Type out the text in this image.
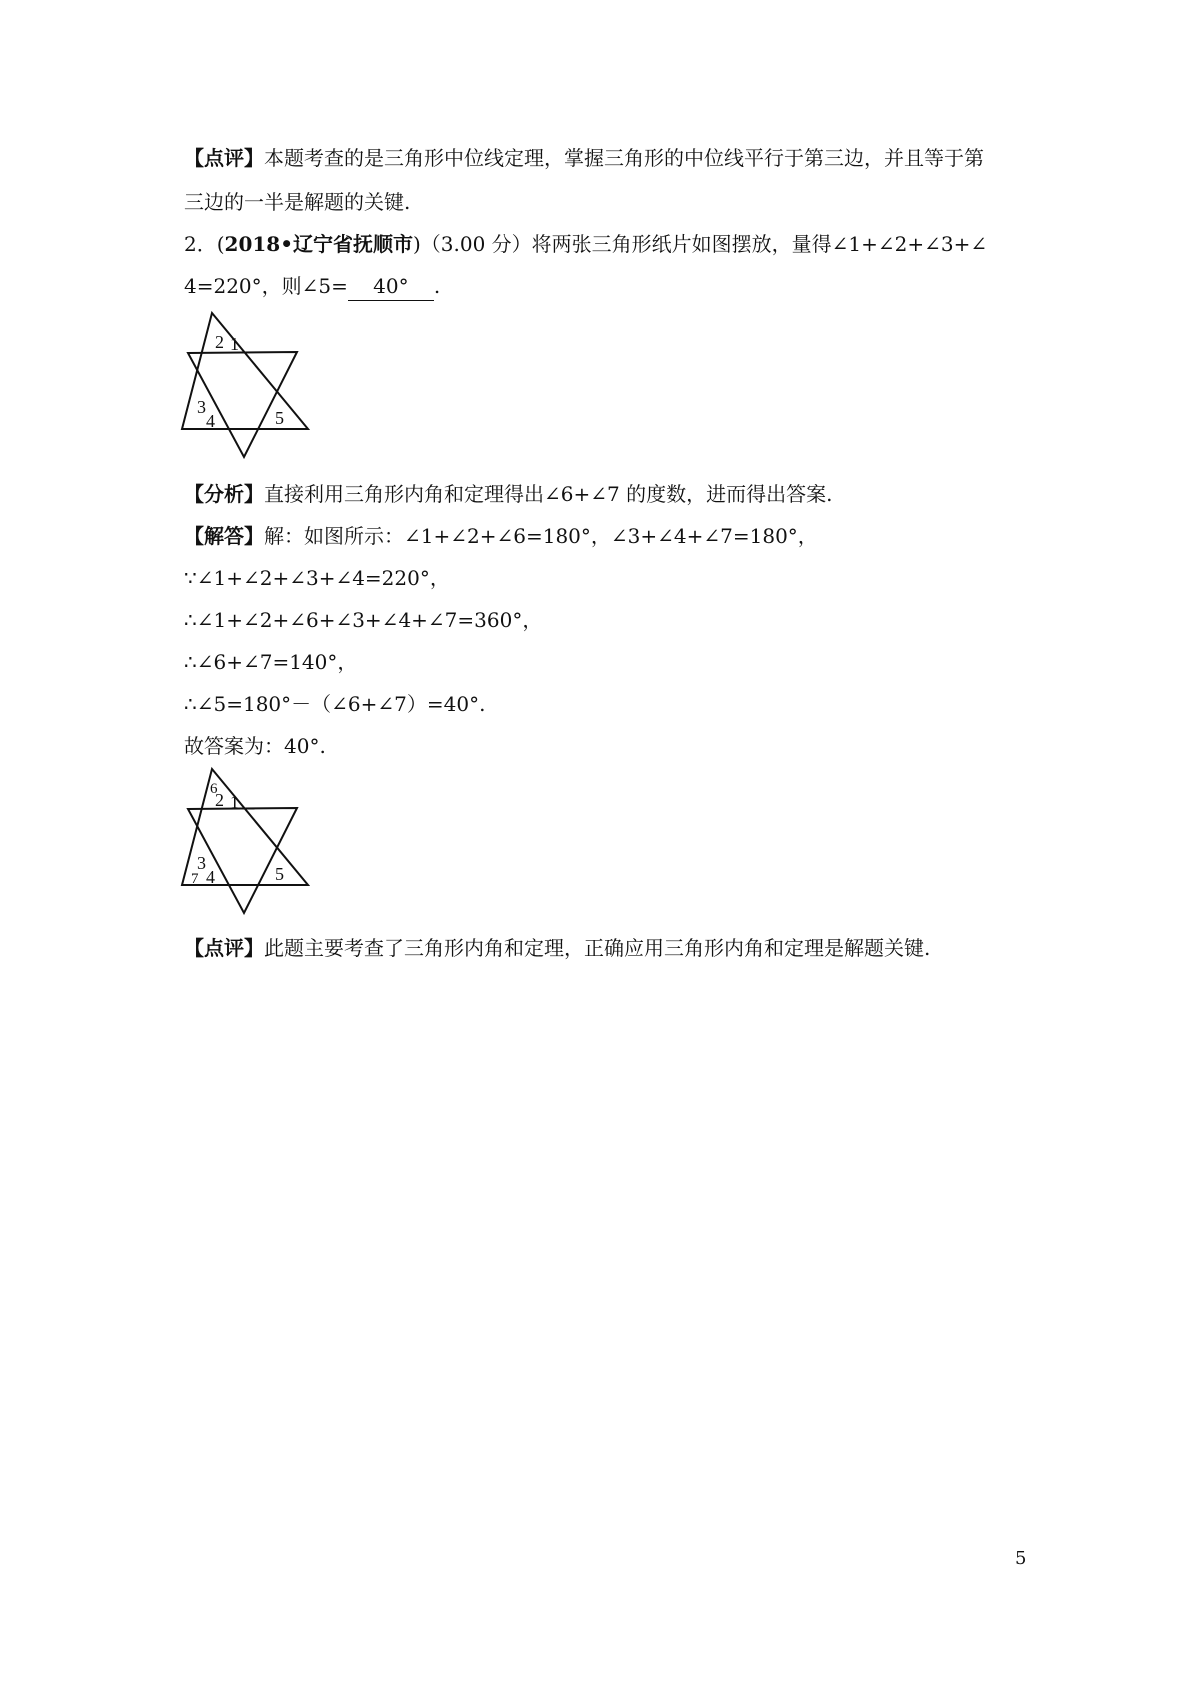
【点评】本题考查的是三角形中位线定理，掌握三角形的中位线平行于第三边，并且等于第
三边的一半是解题的关键.
2．(2018•辽宁省抚顺市)（3.00 分）将两张三角形纸片如图摆放，量得∠1+∠2+∠3+∠
4=220°，则∠5= 40° .
2 1
3
4	5
【分析】直接利用三角形内角和定理得出∠6+∠7 的度数，进而得出答案.
【解答】解：如图所示：∠1+∠2+∠6=180°，∠3+∠4+∠7=180°，
∵∠1+∠2+∠3+∠4=220°，
∴∠1+∠2+∠6+∠3+∠4+∠7=360°，
∴∠6+∠7=140°，
∴∠5=180°－（∠6+∠7）=40°.
故答案为：40°.
6
2 1
3
7 4	5
【点评】此题主要考查了三角形内角和定理，正确应用三角形内角和定理是解题关键.
5
